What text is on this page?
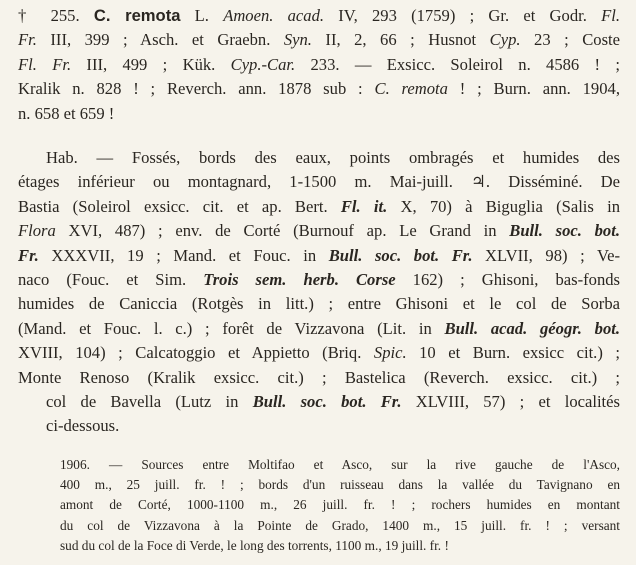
† 255. C. remota L. Amoen. acad. IV, 293 (1759) ; Gr. et Godr. Fl.
Fr. III, 399 ; Asch. et Graebn. Syn. II, 2, 66 ; Husnot Cyp. 23 ; Coste
Fl. Fr. III, 499 ; Kük. Cyp.-Car. 233. — Exsicc. Soleirol n. 4586 ! ;
Kralik n. 828 ! ; Reverch. ann. 1878 sub : C. remota ! ; Burn. ann. 1904,
n. 658 et 659 !
Hab. — Fossés, bords des eaux, points ombragés et humides des
étages inférieur ou montagnard, 1-1500 m. Mai-juill. ♃. Disséminé. De
Bastia (Soleirol exsicc. cit. et ap. Bert. Fl. it. X, 70) à Biguglia (Salis in
Flora XVI, 487) ; env. de Corté (Burnouf ap. Le Grand in Bull. soc. bot.
Fr. XXXVII, 19 ; Mand. et Fouc. in Bull. soc. bot. Fr. XLVII, 98) ; Ve-
naco (Fouc. et Sim. Trois sem. herb. Corse 162) ; Ghisoni, bas-fonds
humides de Caniccia (Rotgès in litt.) ; entre Ghisoni et le col de Sorba
(Mand. et Fouc. l. c.) ; forêt de Vizzavona (Lit. in Bull. acad. géogr. bot.
XVIII, 104) ; Calcatoggio et Appietto (Briq. Spic. 10 et Burn. exsicc cit.) ;
Monte Renoso (Kralik exsicc. cit.) ; Bastelica (Reverch. exsicc. cit.) ;
col de Bavella (Lutz in Bull. soc. bot. Fr. XLVIII, 57) ; et localités
ci-dessous.
1906. — Sources entre Moltifao et Asco, sur la rive gauche de l'Asco,
400 m., 25 juill. fr. ! ; bords d'un ruisseau dans la vallée du Tavignano en
amont de Corté, 1000-1100 m., 26 juill. fr. ! ; rochers humides en montant
du col de Vizzavona à la Pointe de Grado, 1400 m., 15 juill. fr. ! ; versant
sud du col de la Foce di Verde, le long des torrents, 1100 m., 19 juill. fr. !
